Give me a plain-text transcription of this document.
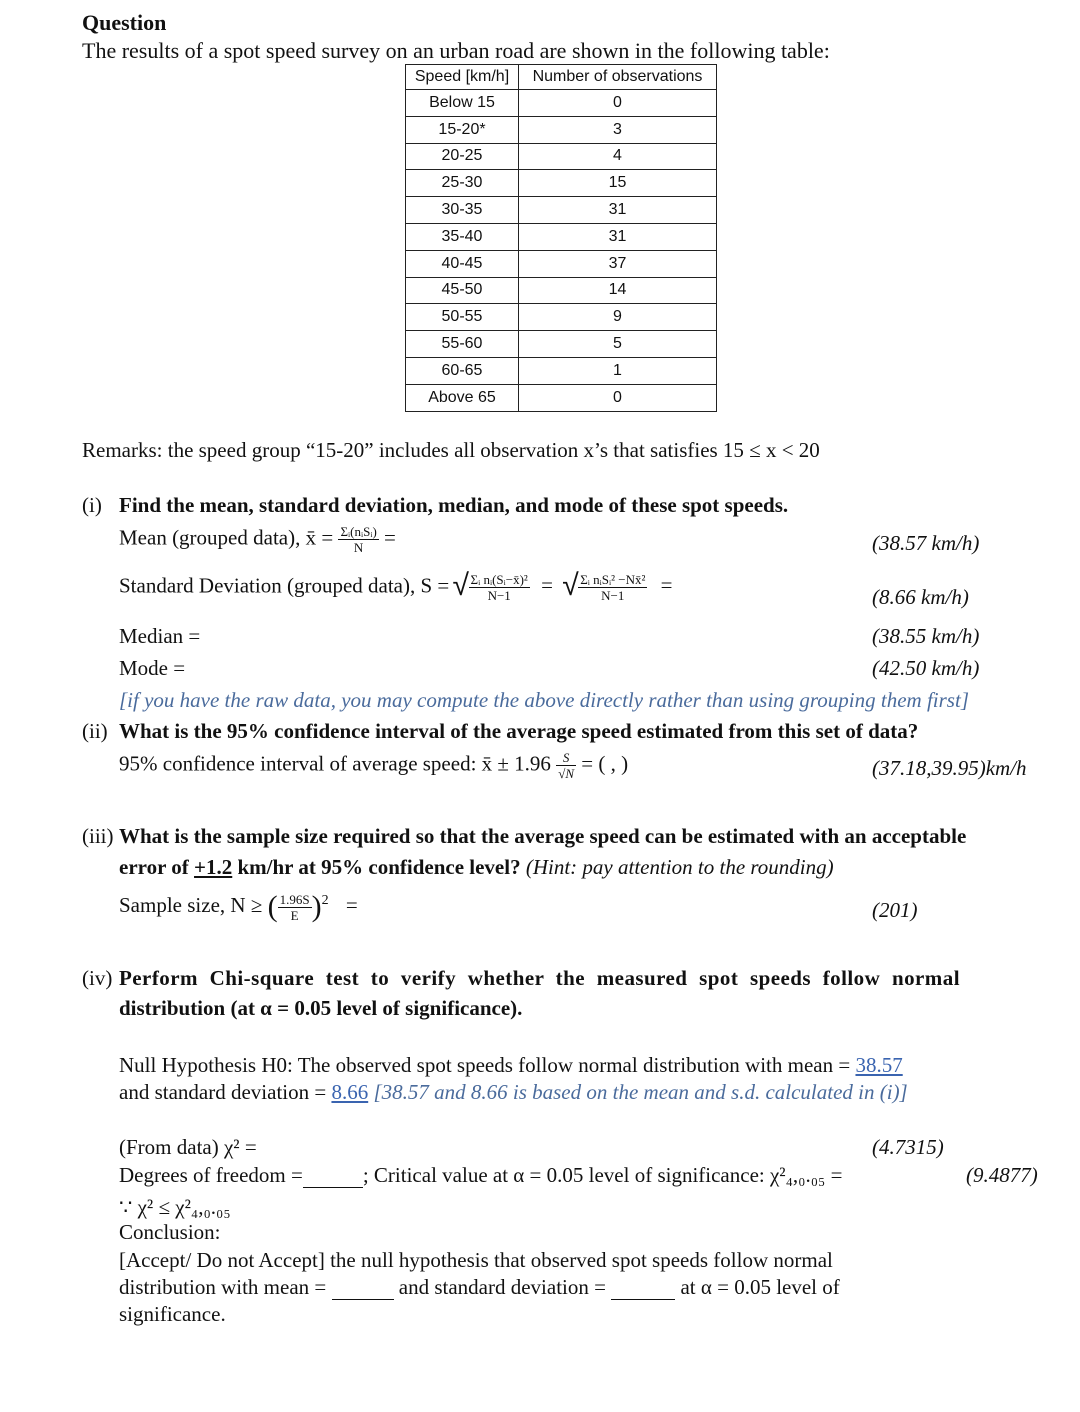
Question
The results of a spot speed survey on an urban road are shown in the following table:
Speed [km/h]	Number of observations
Below 15	0
15-20*	3
20-25	4
25-30	15
30-35	31
35-40	31
40-45	37
45-50	14
50-55	9
55-60	5
60-65	1
Above 65	0
Remarks: the speed group “15-20” includes all observation x’s that satisfies 15 ≤ x < 20
(i) Find the mean, standard deviation, median, and mode of these spot speeds.
Mean (grouped data), x̄ = $\frac{\text{Σᵢ(nᵢSᵢ)}}{N}$ =	(38.57 km/h)
Standard Deviation (grouped data), S = √ $\frac{\text{Σᵢ nᵢ(Sᵢ−x̄)²}}{N-1}$ = √ $\frac{\text{Σᵢ nᵢSᵢ² −Nx̄²}}{N-1}$ =	(8.66 km/h)
Median =	(38.55 km/h)
Mode =	(42.50 km/h)
[if you have the raw data, you may compute the above directly rather than using grouping them first]
(ii) What is the 95% confidence interval of the average speed estimated from this set of data?
95% confidence interval of average speed: x̄ ± $1.96 \frac{S}{√N}$ = ( , )	(37.18,39.95)km/h
(iii) What is the sample size required so that the average speed can be estimated with an acceptable
error of +1.2 km/hr at 95% confidence level? (Hint: pay attention to the rounding)
Sample size, N ≥ ( $\frac{1.96S}{E} )^2$ =	(201)
(iv) Perform Chi-square test to verify whether the measured spot speeds follow normal
distribution (at α = 0.05 level of significance).
Null Hypothesis H0: The observed spot speeds follow normal distribution with mean = 38.57
and standard deviation = 8.66 [38.57 and 8.66 is based on the mean and s.d. calculated in (i)]
(From data) χ² =	(4.7315)
Degrees of freedom =	; Critical value at α = 0.05 level of significance: χ²₄,₀.₀₅ =	(9.4877)
∵ χ² ≤ χ²₄,₀.₀₅
Conclusion:
[Accept/ Do not Accept] the null hypothesis that observed spot speeds follow normal
distribution with mean =	and standard deviation =	at α = 0.05 level of
significance.
